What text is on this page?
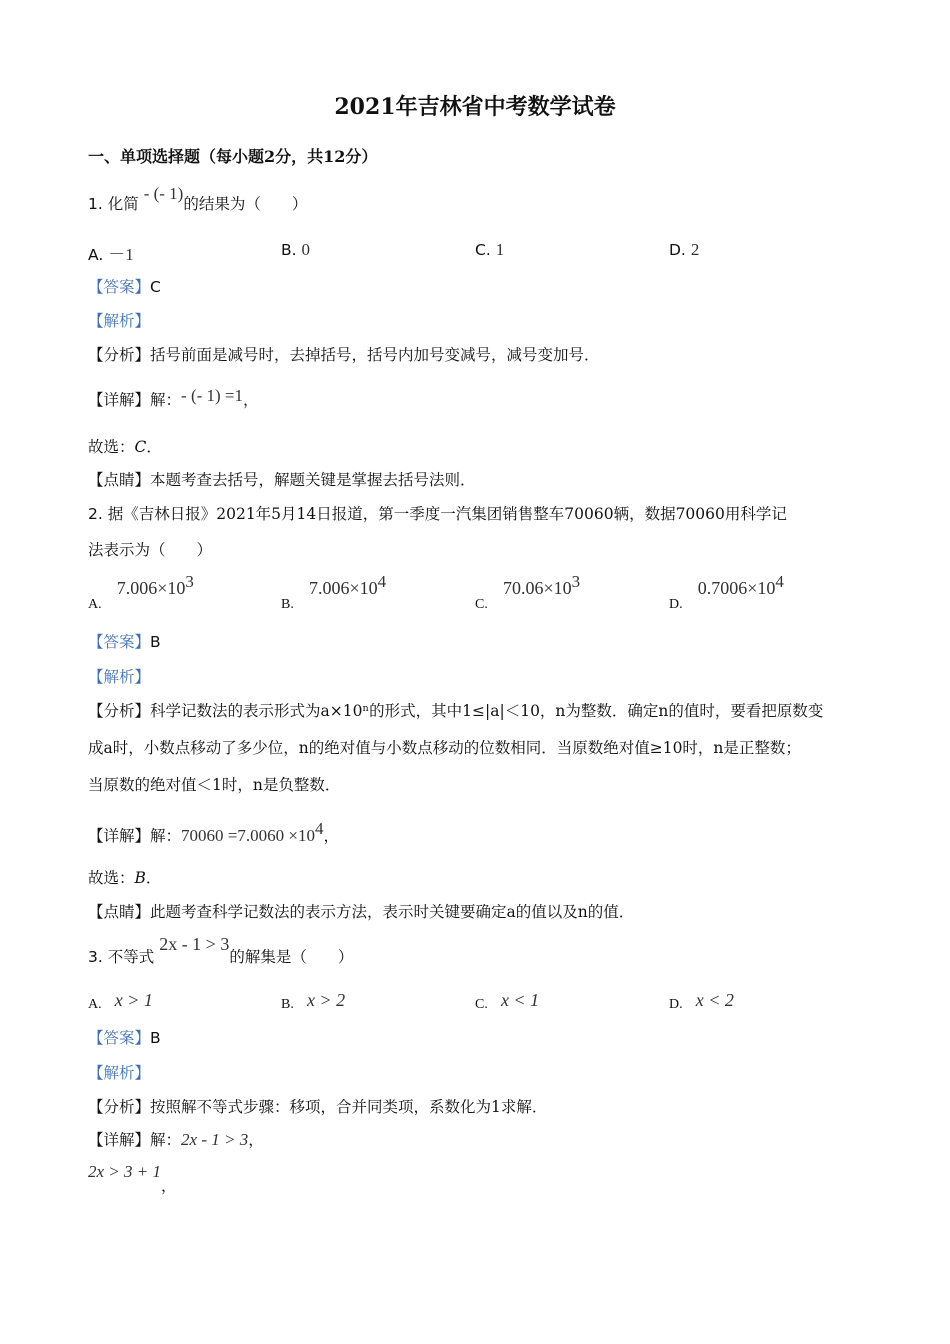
2021年吉林省中考数学试卷
一、单项选择题（每小题2分，共12分）
1. 化简 - (- 1)的结果为（　　）
A. －1	B. 0	C. 1	D. 2
【答案】C
【解析】
【分析】括号前面是减号时，去掉括号，括号内加号变减号，减号变加号．
【详解】解：- (- 1) =1，
故选：C．
【点睛】本题考查去括号，解题关键是掌握去括号法则．
2. 据《吉林日报》2021年5月14日报道，第一季度一汽集团销售整车70060辆，数据70060用科学记
法表示为（　　）
A. $7.006\times 10^3$
B. $7.006\times 10^4$
C. $70.06\times 10^3$
D. $0.7006\times 10^4$
【答案】B
【解析】
【分析】科学记数法的表示形式为a×10ⁿ的形式，其中1≤|a|＜10，n为整数．确定n的值时，要看把原数变
成a时，小数点移动了多少位，n的绝对值与小数点移动的位数相同．当原数绝对值≥10时，n是正整数；
当原数的绝对值＜1时，n是负整数．
【详解】解：$70060 =7.0060 \times 10^4$，
故选：B．
【点睛】此题考查科学记数法的表示方法，表示时关键要确定a的值以及n的值．
3. 不等式 2x - 1 > 3的解集是（　　）
A. x > 1	B. x > 2	C. x < 1	D. x < 2
【答案】B
【解析】
【分析】按照解不等式步骤：移项，合并同类项，系数化为1求解．
【详解】解：2x - 1 > 3，
2x > 3 + 1，
